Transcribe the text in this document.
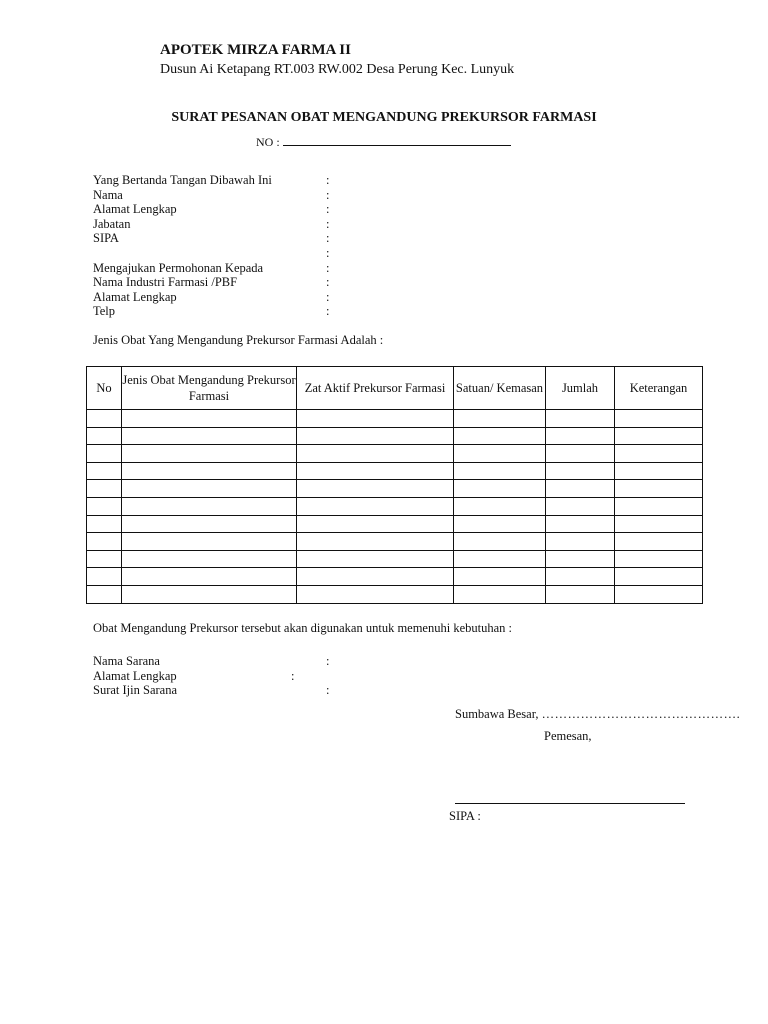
APOTEK MIRZA FARMA II
Dusun Ai Ketapang RT.003 RW.002 Desa Perung Kec. Lunyuk
SURAT PESANAN OBAT MENGANDUNG PREKURSOR FARMASI
NO :
Yang Bertanda Tangan Dibawah Ini	:
Nama	:
Alamat Lengkap	:
Jabatan	:
SIPA	:
:
Mengajukan Permohonan Kepada	:
Nama Industri Farmasi /PBF	:
Alamat Lengkap	:
Telp	:
Jenis Obat Yang Mengandung Prekursor Farmasi Adalah :
No	Jenis Obat Mengandung Prekursor Farmasi	Zat Aktif Prekursor Farmasi	Satuan/ Kemasan	Jumlah	Keterangan

Obat Mengandung Prekursor tersebut akan digunakan untuk memenuhi kebutuhan :
Nama Sarana	:
Alamat Lengkap	:
Surat Ijin Sarana	:
Sumbawa Besar, ……………………………………….
Pemesan,
SIPA :
